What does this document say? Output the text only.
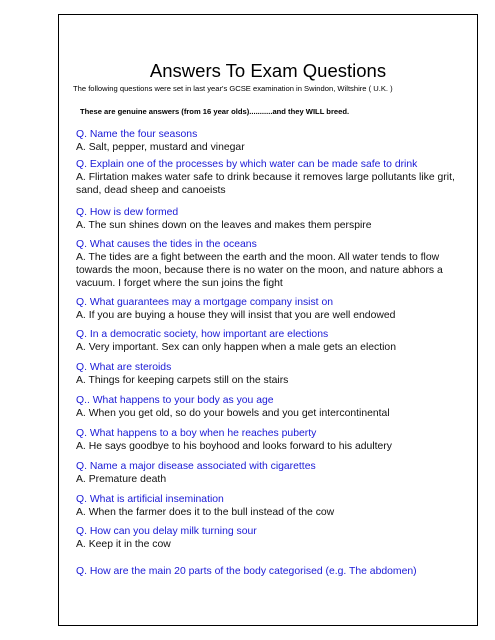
Answers To Exam Questions
The following questions were set in last year's GCSE examination in Swindon, Wiltshire ( U.K. )
These are genuine answers (from 16 year olds)...........and they WILL breed.
Q. Name the four seasons
A. Salt, pepper, mustard and vinegar
Q. Explain one of the processes by which water can be made safe to drink
A. Flirtation makes water safe to drink because it removes large pollutants like grit, sand, dead sheep and canoeists
Q. How is dew formed
A. The sun shines down on the leaves and makes them perspire
Q. What causes the tides in the oceans
A. The tides are a fight between the earth and the moon. All water tends to flow towards the moon, because there is no water on the moon, and nature abhors a vacuum. I forget where the sun joins the fight
Q. What guarantees may a mortgage company insist on
A. If you are buying a house they will insist that you are well endowed
Q. In a democratic society, how important are elections
A. Very important. Sex can only happen when a male gets an election
Q. What are steroids
A. Things for keeping carpets still on the stairs
Q.. What happens to your body as you age
A. When you get old, so do your bowels and you get intercontinental
Q. What happens to a boy when he reaches puberty
A. He says goodbye to his boyhood and looks forward to his adultery
Q. Name a major disease associated with cigarettes
A. Premature death
Q. What is artificial insemination
A. When the farmer does it to the bull instead of the cow
Q. How can you delay milk turning sour
A. Keep it in the cow
Q. How are the main 20 parts of the body categorised (e.g. The abdomen)
